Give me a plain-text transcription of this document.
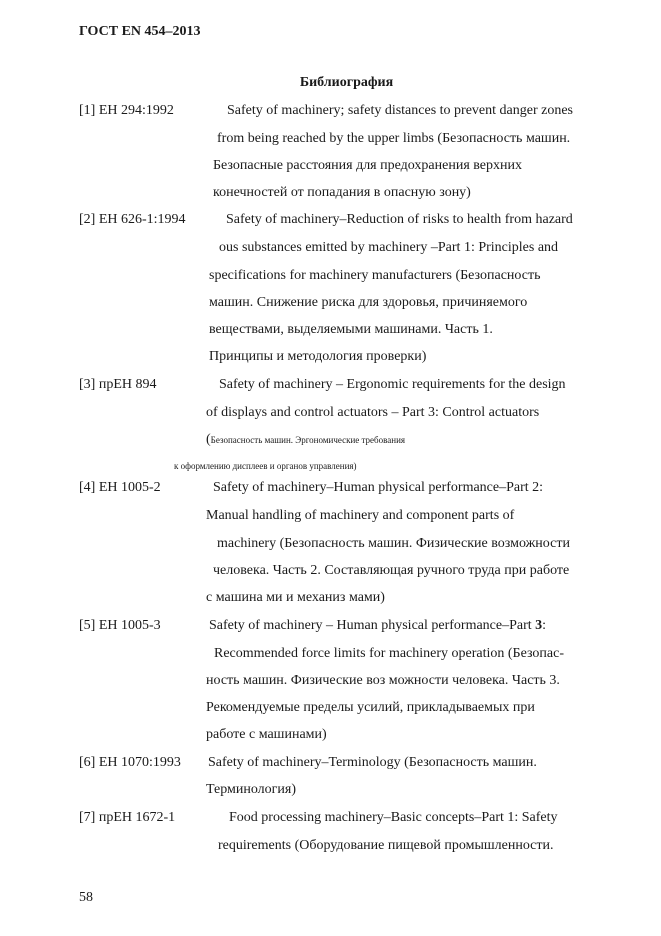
ГОСТ EN 454–2013
Библиография
[1] ЕН 294:1992	Safety of machinery; safety distances to prevent danger zones
from being reached by the upper limbs (Безопасность машин.
Безопасные расстояния для предохранения верхних
конечностей от попадания в опасную зону)
[2] ЕН 626-1:1994	Safety of machinery–Reduction of risks to health from hazard
ous substances emitted by machinery –Part 1: Principles and
specifications for machinery manufacturers (Безопасность
машин. Снижение риска для здоровья, причиняемого
веществами, выделяемыми машинами. Часть 1.
Принципы и методология проверки)
[3] прЕН 894	Safety of machinery – Ergonomic requirements for the design
of displays and control actuators – Part 3: Control actuators
(Безопасность машин. Эргономические требования
к оформлению дисплеев и органов управления)
[4] ЕН 1005-2	Safety of machinery–Human physical performance–Part 2:
Manual handling of machinery and component parts of
machinery (Безопасность машин. Физические возможности
человека. Часть 2. Составляющая ручного труда при работе
с машина ми и механиз мами)
[5] ЕН 1005-3	Safety of machinery – Human physical performance–Part 3:
Recommended force limits for machinery operation (Безопас-
ность машин. Физические воз можности человека. Часть 3.
Рекомендуемые пределы усилий, прикладываемых при
работе с машинами)
[6] ЕН 1070:1993 Safety of machinery–Terminology (Безопасность машин.
Терминология)
[7] прЕН 1672-1	Food processing machinery–Basic concepts–Part 1: Safety
requirements (Оборудование пищевой промышленности.
58
